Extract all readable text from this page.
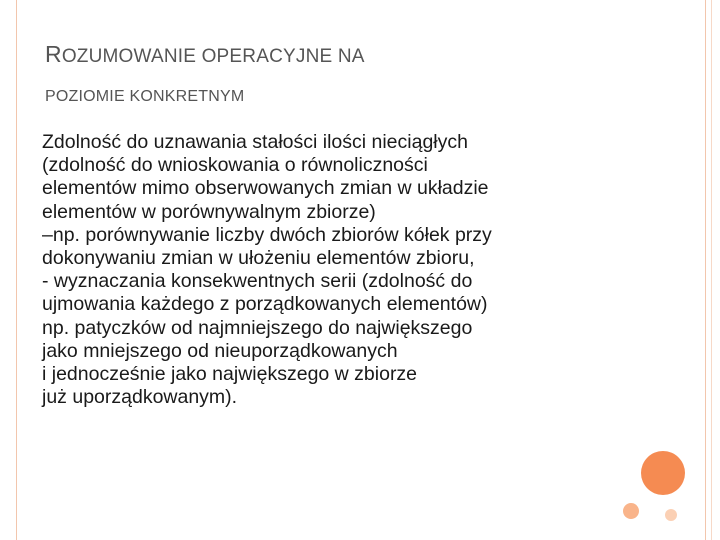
ROZUMOWANIE OPERACYJNE NA
POZIOMIE KONKRETNYM

Zdolność do uznawania stałości ilości nieciągłych

(zdolność do wnioskowania o równoliczności

elementów mimo obserwowanych zmian w układzie

elementów w porównywalnym zbiorze)

–np. porównywanie liczby dwóch zbiorów kółek przy

dokonywaniu zmian w ułożeniu elementów zbioru,

- wyznaczania konsekwentnych serii (zdolność do

ujmowania każdego z porządkowanych elementów)

np. patyczków od najmniejszego do największego

jako mniejszego od nieuporządkowanych

i jednocześnie jako największego w zbiorze

już uporządkowanym).
